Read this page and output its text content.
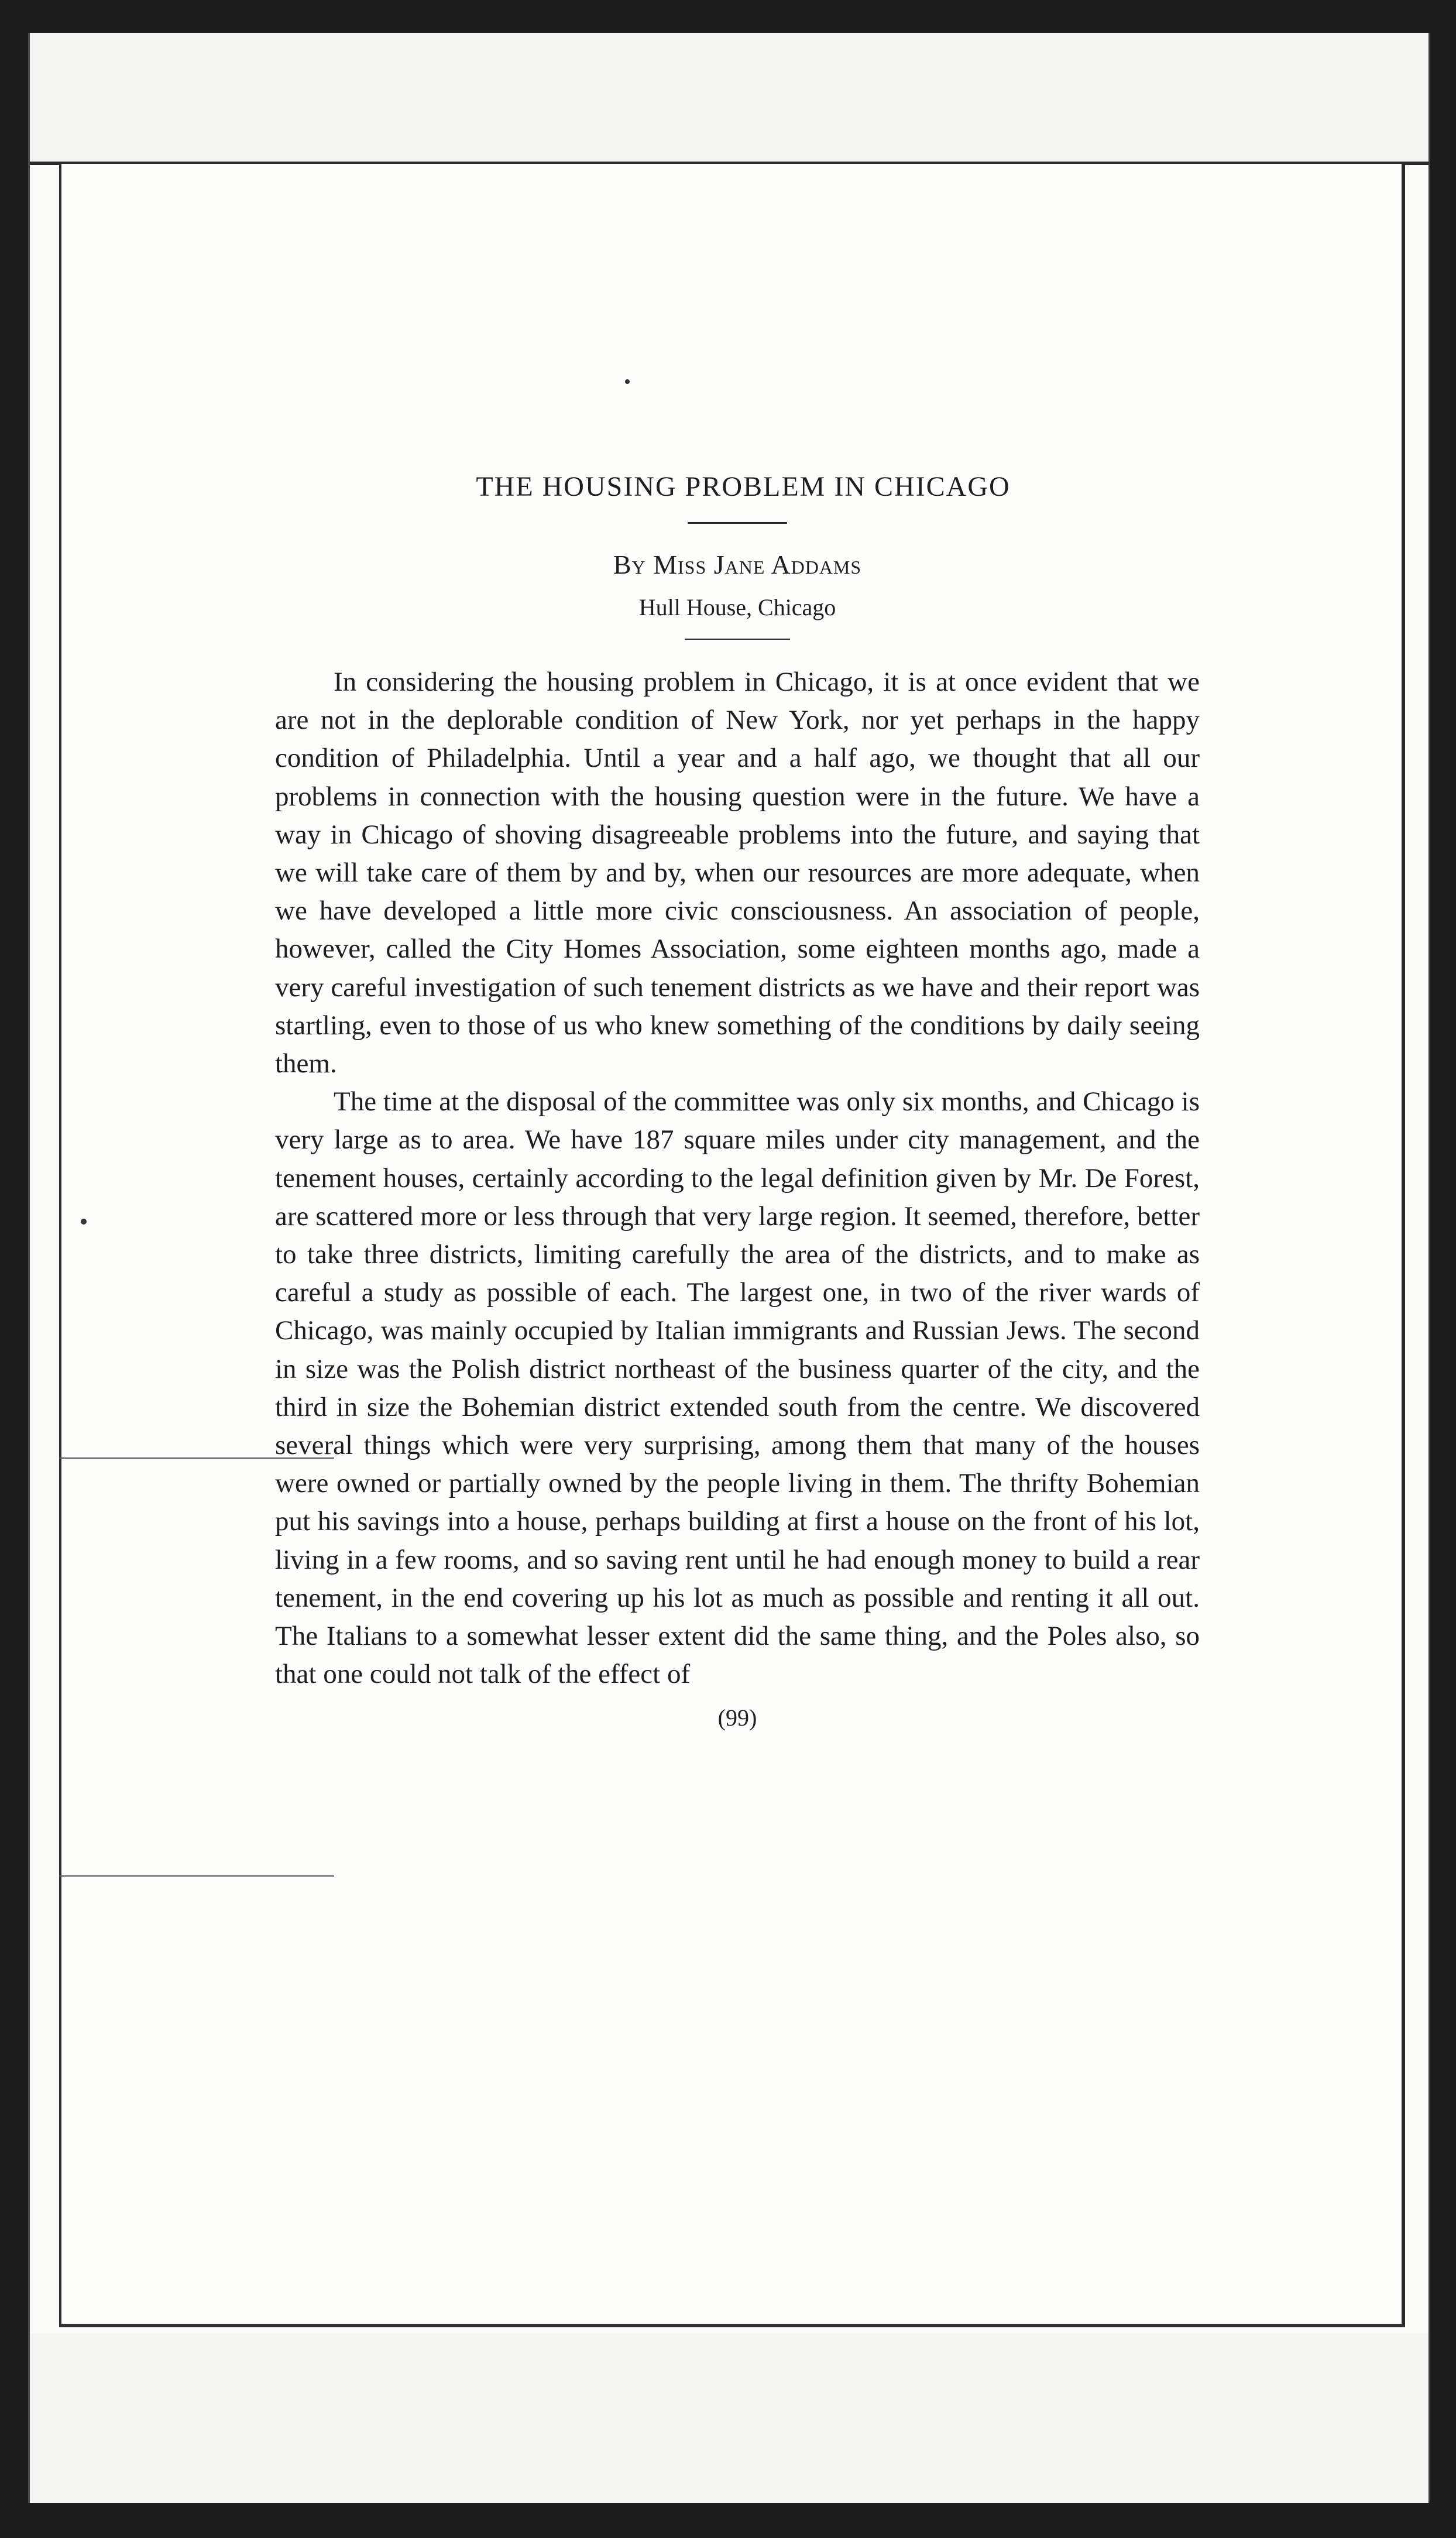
THE HOUSING PROBLEM IN CHICAGO
By Miss Jane Addams
Hull House, Chicago

In considering the housing problem in Chicago, it is at once evident that we are not in the deplorable condition of New York, nor yet perhaps in the happy condition of Philadelphia. Until a year and a half ago, we thought that all our problems in connection with the housing question were in the future. We have a way in Chicago of shoving disagreeable problems into the future, and saying that we will take care of them by and by, when our resources are more adequate, when we have developed a little more civic consciousness. An association of people, however, called the City Homes Association, some eighteen months ago, made a very careful investigation of such tenement districts as we have and their report was startling, even to those of us who knew something of the conditions by daily seeing them.

The time at the disposal of the committee was only six months, and Chicago is very large as to area. We have 187 square miles under city management, and the tenement houses, certainly according to the legal definition given by Mr. De Forest, are scattered more or less through that very large region. It seemed, therefore, better to take three districts, limiting carefully the area of the districts, and to make as careful a study as possible of each. The largest one, in two of the river wards of Chicago, was mainly occupied by Italian immigrants and Russian Jews. The second in size was the Polish district northeast of the business quarter of the city, and the third in size the Bohemian district extended south from the centre. We discovered several things which were very surprising, among them that many of the houses were owned or partially owned by the people living in them. The thrifty Bohemian put his savings into a house, perhaps building at first a house on the front of his lot, living in a few rooms, and so saving rent until he had enough money to build a rear tenement, in the end covering up his lot as much as possible and renting it all out. The Italians to a somewhat lesser extent did the same thing, and the Poles also, so that one could not talk of the effect of

(99)
